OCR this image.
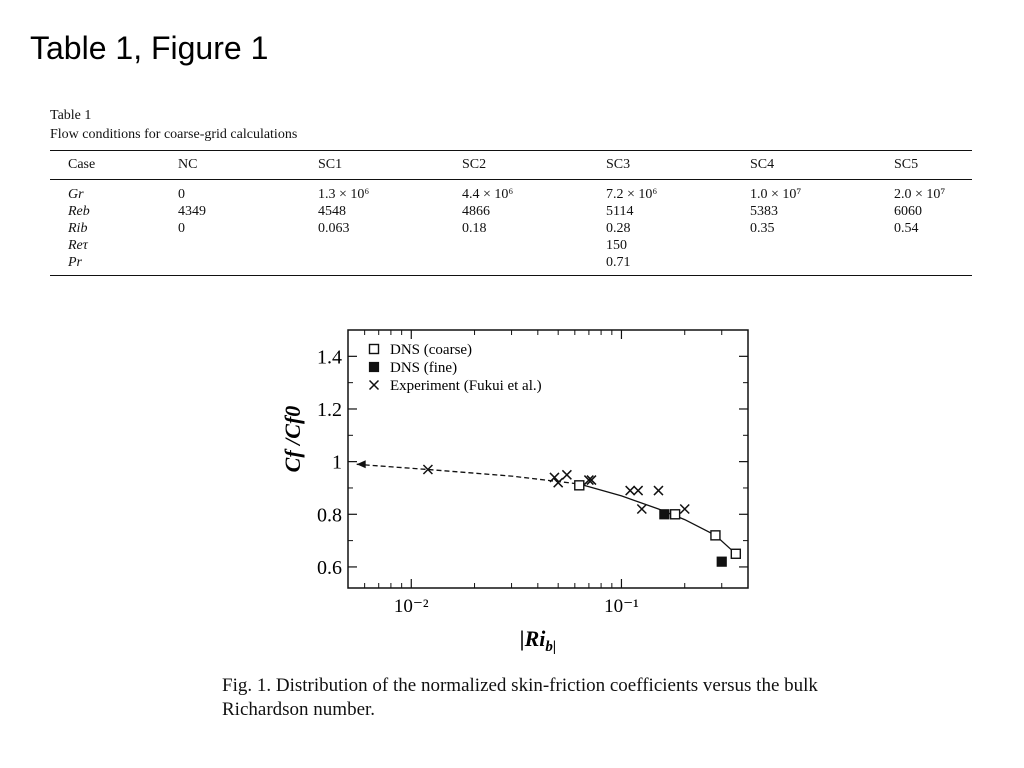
Table 1, Figure 1
Table 1
Flow conditions for coarse-grid calculations
Case	NC	SC1	SC2	SC3	SC4	SC5
Gr	0	1.3 × 10⁶	4.4 × 10⁶	7.2 × 10⁶	1.0 × 10⁷	2.0 × 10⁷
Reb	4349	4548	4866	5114	5383	6060
Rib	0	0.063	0.18	0.28	0.35	0.54
Reτ				150		
Pr				0.71		
10⁻²	10⁻¹
0.6
0.8
1
1.2
1.4	DNS (coarse)
DNS (fine)
Experiment (Fukui et al.)
$|Ri_{b|}$
Cf /Cf0
Fig. 1. Distribution of the normalized skin-friction coefficients versus the bulk Richardson number.
